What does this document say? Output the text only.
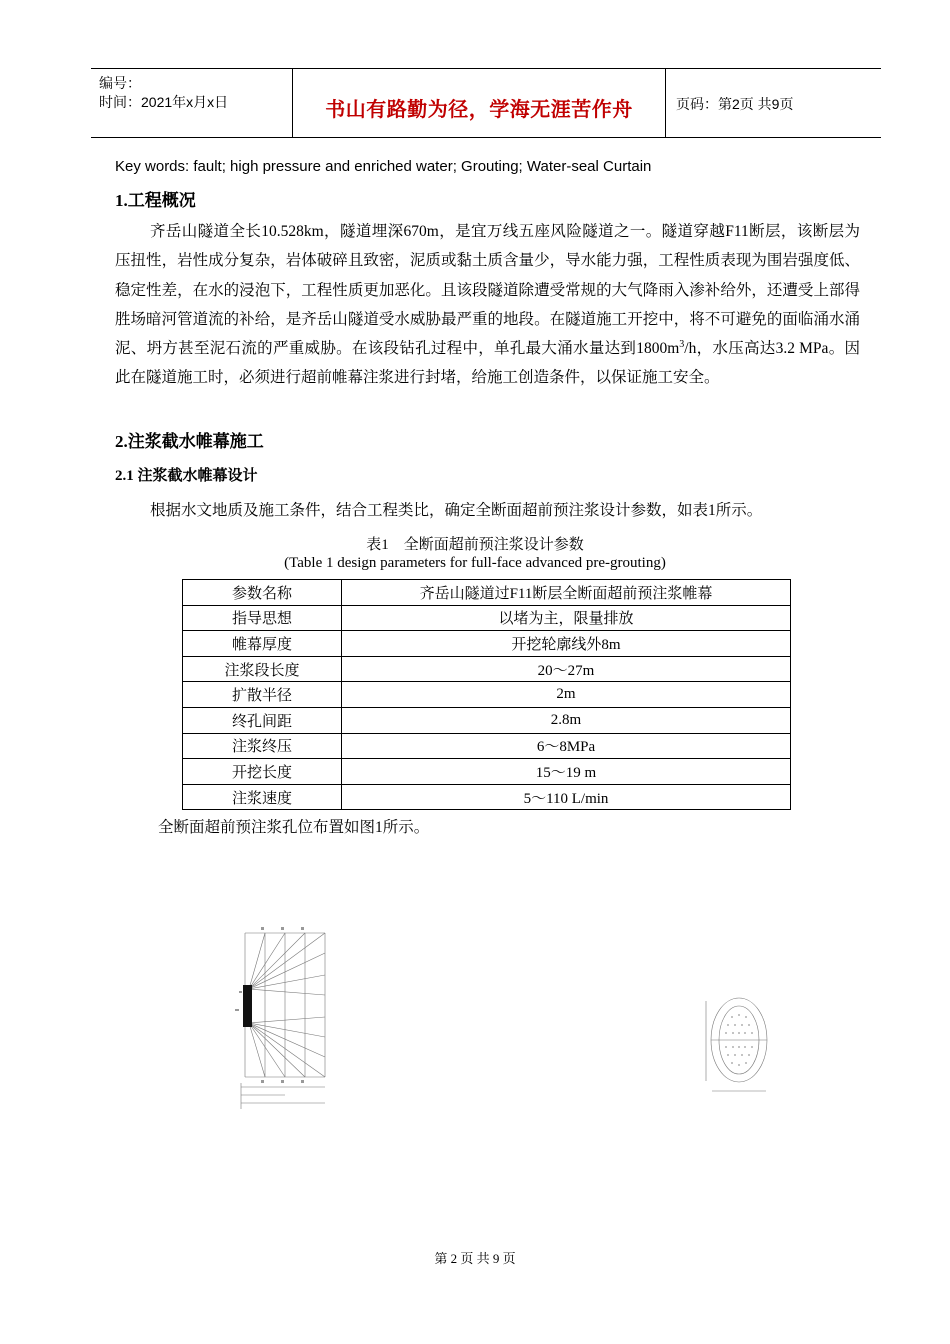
编号：
时间：2021年x月x日	书山有路勤为径，学海无涯苦作舟	页码：第2页 共9页
Key words: fault; high pressure and enriched water; Grouting; Water-seal Curtain
1.工程概况
齐岳山隧道全长10.528km，隧道埋深670m，是宜万线五座风险隧道之一。隧道穿越F11断层，该断层为压扭性，岩性成分复杂，岩体破碎且致密，泥质或黏土质含量少，导水能力强，工程性质表现为围岩强度低、稳定性差，在水的浸泡下，工程性质更加恶化。且该段隧道除遭受常规的大气降雨入渗补给外，还遭受上部得胜场暗河管道流的补给，是齐岳山隧道受水威胁最严重的地段。在隧道施工开挖中，将不可避免的面临涌水涌泥、坍方甚至泥石流的严重威胁。在该段钻孔过程中，单孔最大涌水量达到$1800m^3/h$，水压高达3.2 MPa。因此在隧道施工时，必须进行超前帷幕注浆进行封堵，给施工创造条件，以保证施工安全。
2.注浆截水帷幕施工
2.1 注浆截水帷幕设计
根据水文地质及施工条件，结合工程类比，确定全断面超前预注浆设计参数，如表1所示。
表1　全断面超前预注浆设计参数
(Table 1 design parameters for full-face advanced pre-grouting)
参数名称	齐岳山隧道过F11断层全断面超前预注浆帷幕
指导思想	以堵为主，限量排放
帷幕厚度	开挖轮廓线外8m
注浆段长度	20～27m
扩散半径	2m
终孔间距	2.8m
注浆终压	6～8MPa
开挖长度	15～19 m
注浆速度	5～110 L/min
全断面超前预注浆孔位布置如图1所示。
第 2 页 共 9 页
